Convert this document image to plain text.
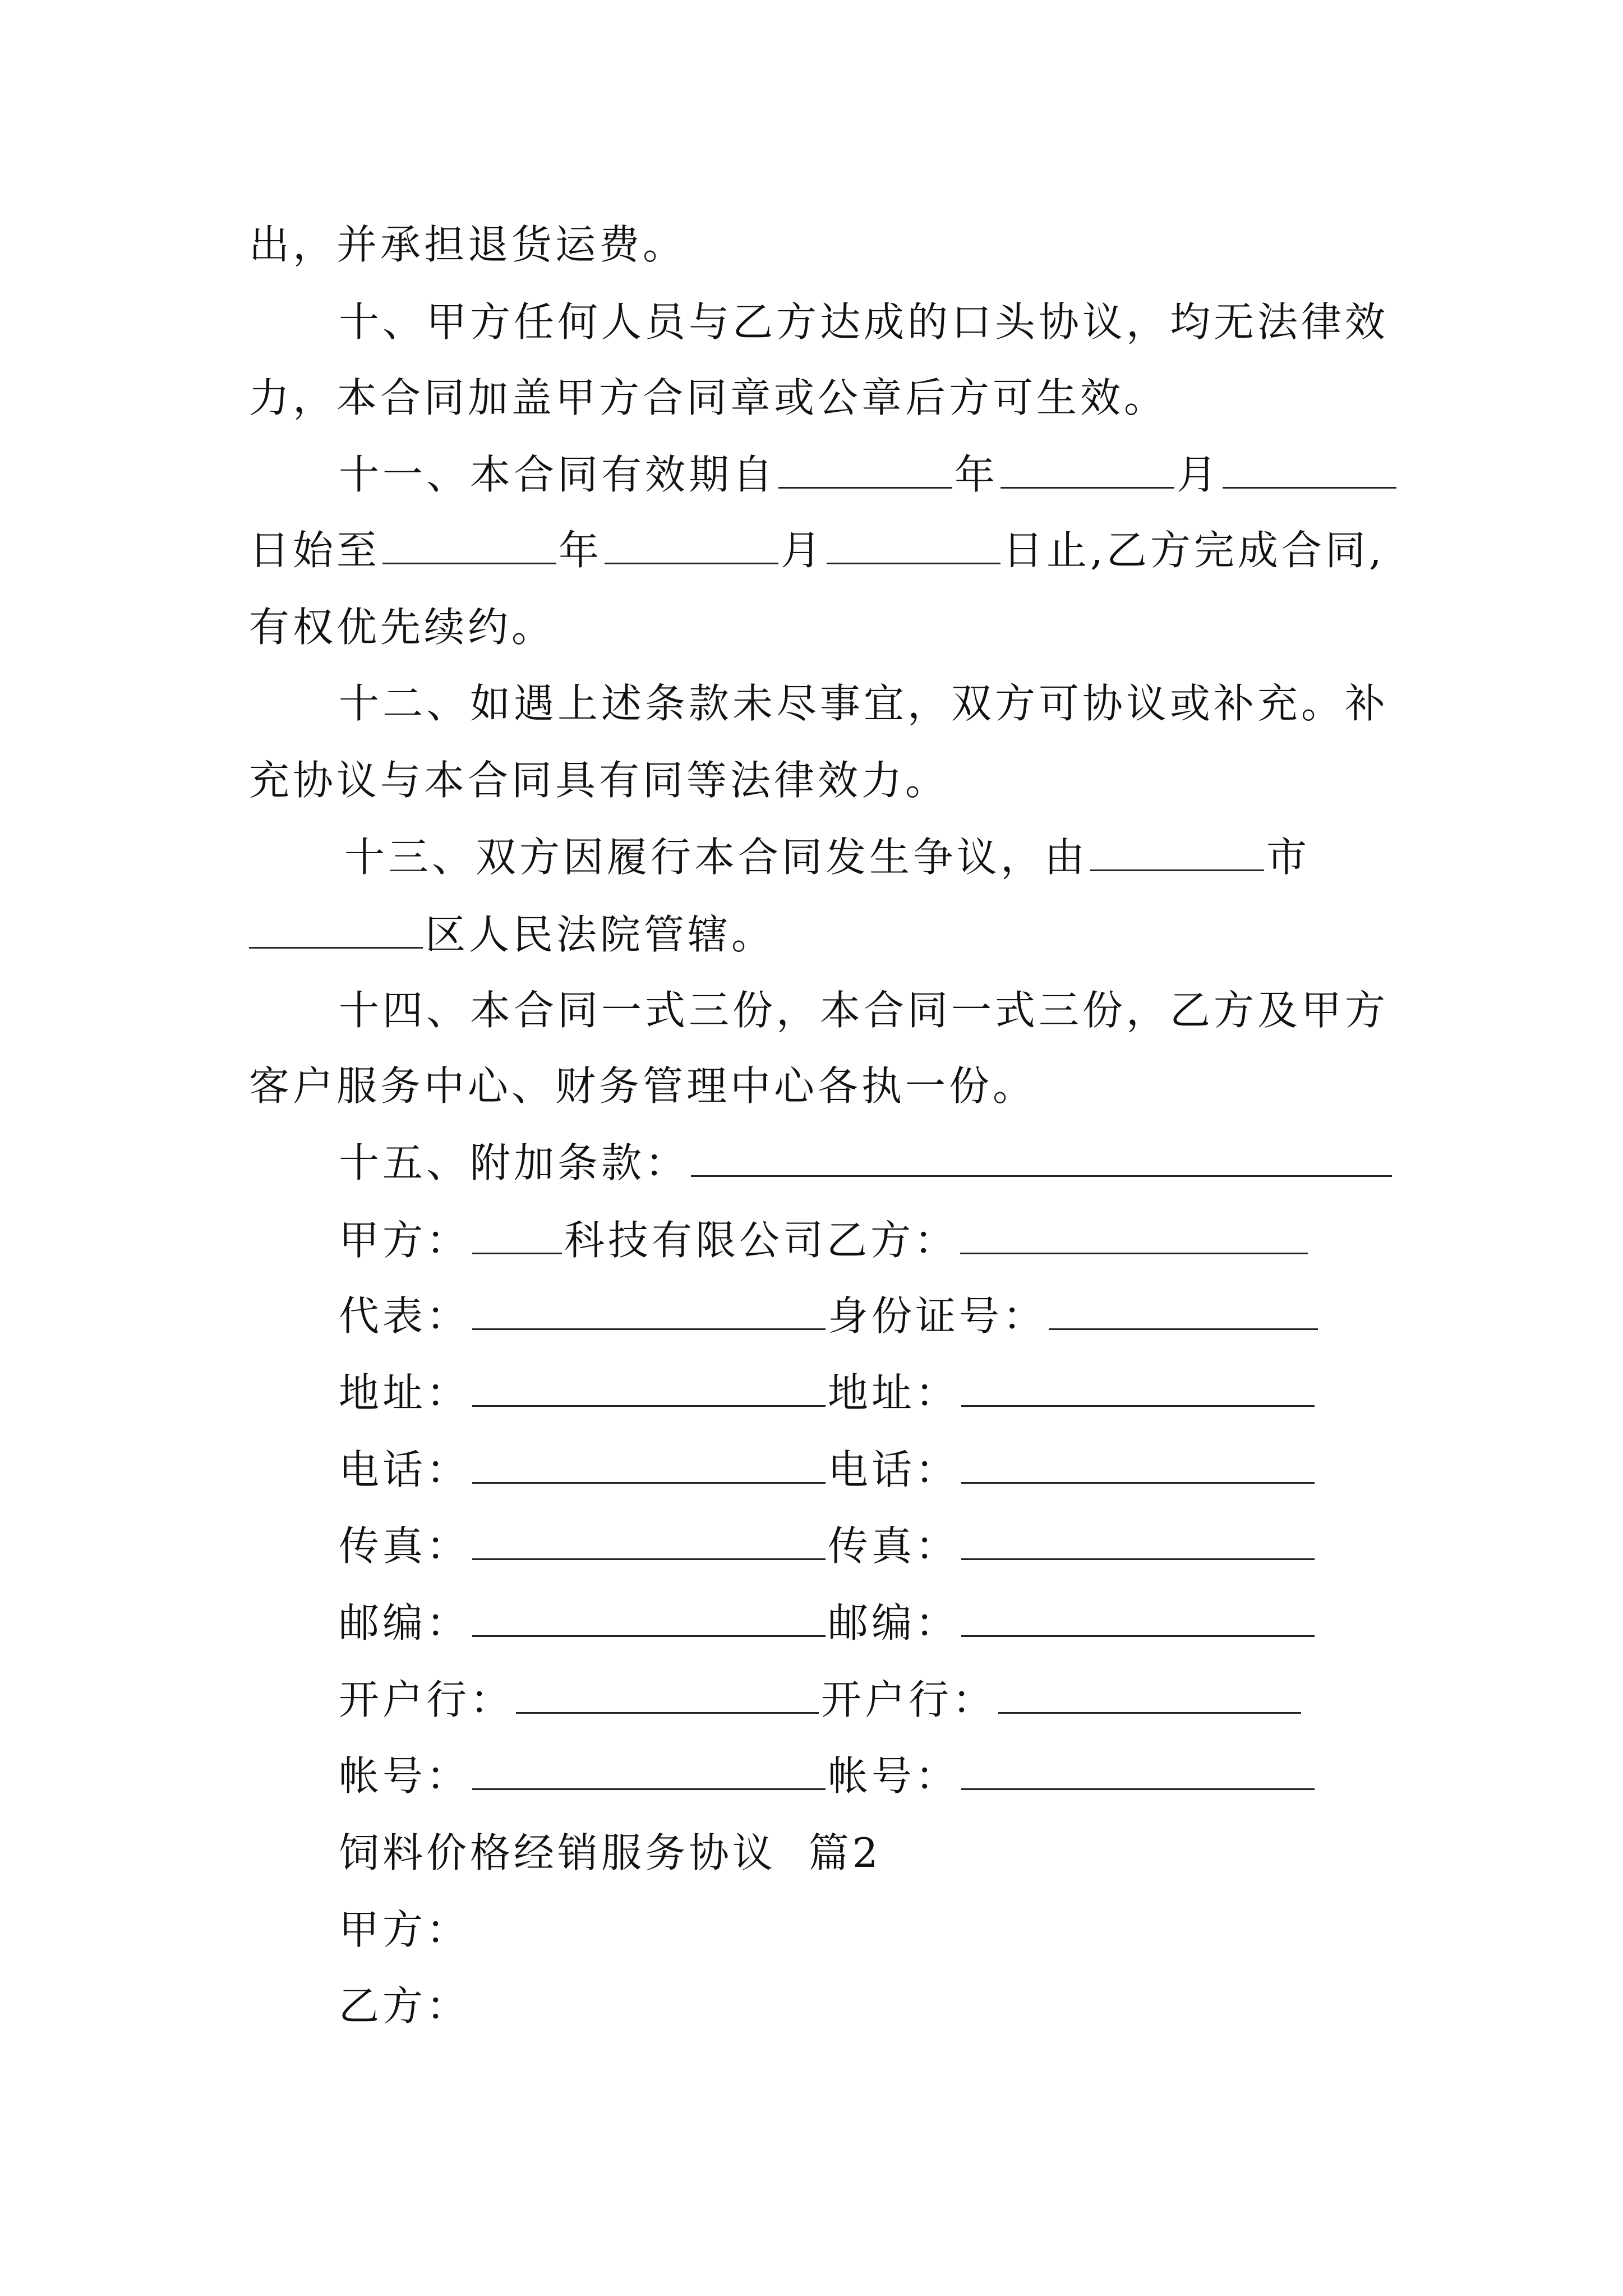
出，并承担退货运费。
十、甲方任何人员与乙方达成的口头协议，均无法律效
力，本合同加盖甲方合同章或公章后方可生效。
十一、本合同有效期自	年	月
日始至	年	月	日止,乙方完成合同,
有权优先续约。
十二、如遇上述条款未尽事宜，双方可协议或补充。补
充协议与本合同具有同等法律效力。
十三、双方因履行本合同发生争议，由	市
区人民法院管辖。
十四、本合同一式三份，本合同一式三份，乙方及甲方
客户服务中心、财务管理中心各执一份。
十五、附加条款：
甲方： 科技有限公司乙方：
代表：	身份证号：
地址：	地址：
电话：	电话：
传真：	传真：
邮编：	邮编：
开户行：	开户行：
帐号：	帐号：
饲料价格经销服务协议  篇2
甲方：
乙方：
